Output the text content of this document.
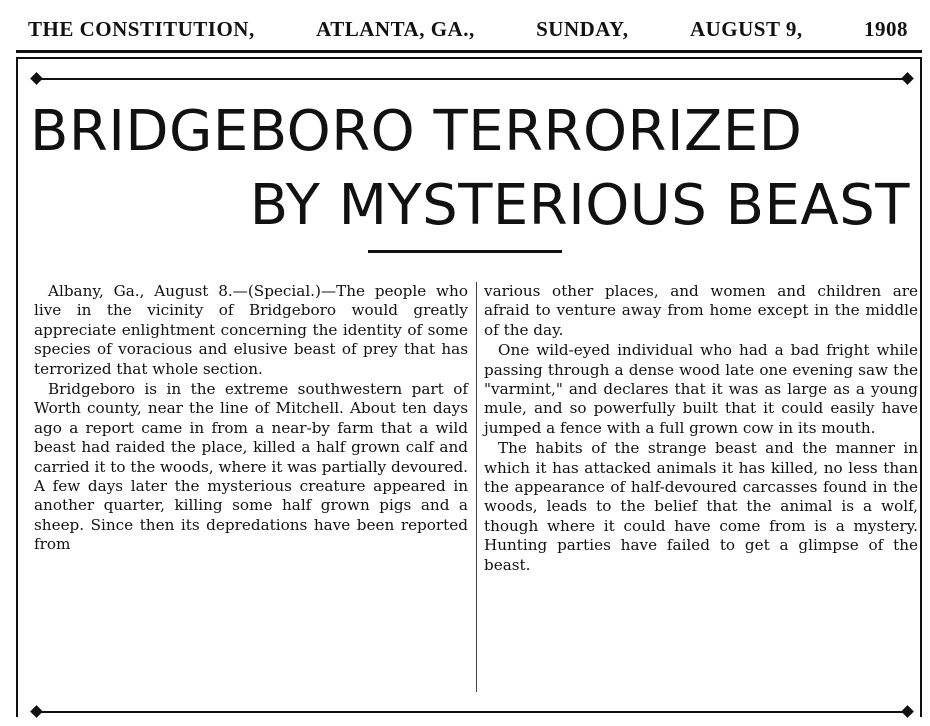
THE CONSTITUTION,	ATLANTA, GA.,	SUNDAY,	AUGUST 9,	1908
BRIDGEBORO TERRORIZED
BY MYSTERIOUS BEAST

Albany, Ga., August 8.—(Special.)—The people who live in the vicinity of Bridgeboro would greatly appreciate enlightment concerning the identity of some species of voracious and elusive beast of prey that has terrorized that whole section.

Bridgeboro is in the extreme southwestern part of Worth county, near the line of Mitchell. About ten days ago a report came in from a near-by farm that a wild beast had raided the place, killed a half grown calf and carried it to the woods, where it was partially devoured. A few days later the mysterious creature appeared in another quarter, killing some half grown pigs and a sheep. Since then its depredations have been reported from

various other places, and women and children are afraid to venture away from home except in the middle of the day.

One wild-eyed individual who had a bad fright while passing through a dense wood late one evening saw the "varmint," and declares that it was as large as a young mule, and so powerfully built that it could easily have jumped a fence with a full grown cow in its mouth.

The habits of the strange beast and the manner in which it has attacked animals it has killed, no less than the appearance of half-devoured carcasses found in the woods, leads to the belief that the animal is a wolf, though where it could have come from is a mystery. Hunting parties have failed to get a glimpse of the beast.
